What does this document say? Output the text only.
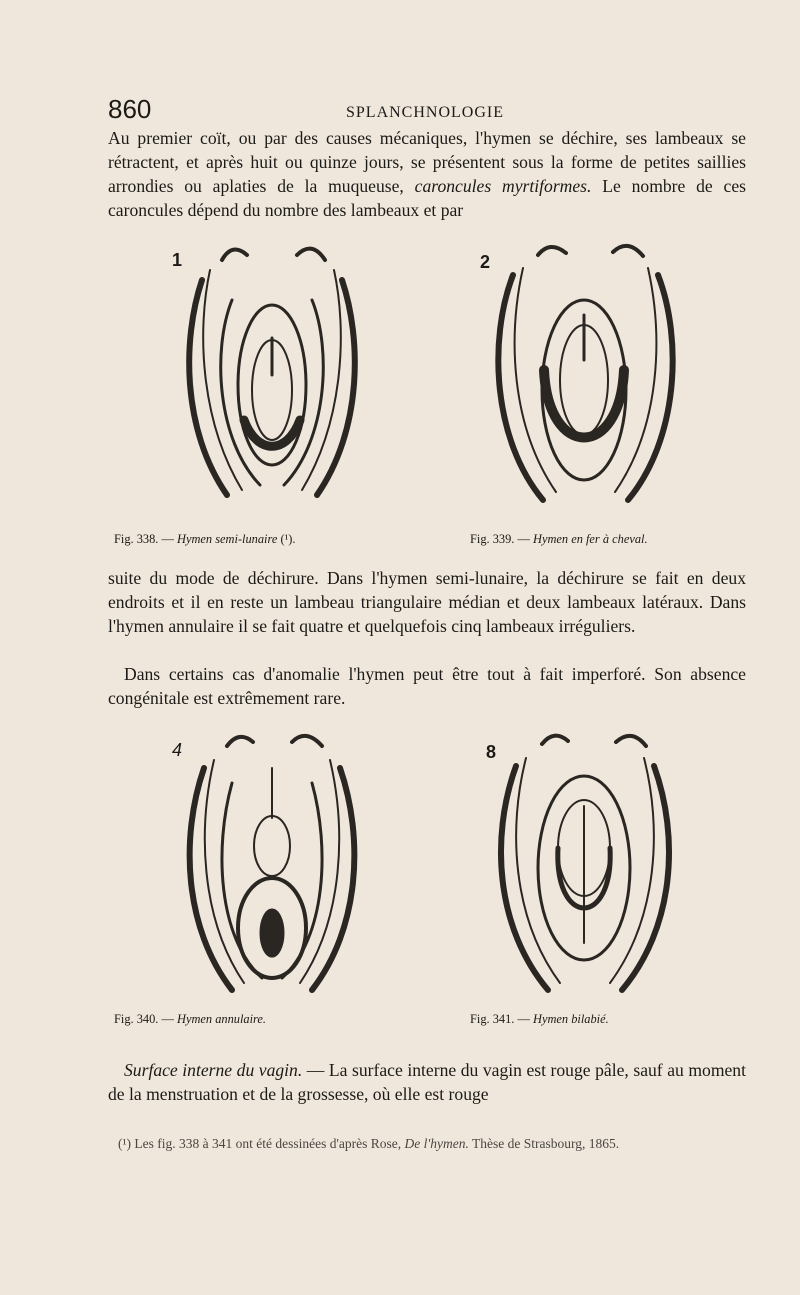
860	SPLANCHNOLOGIE

Au premier coït, ou par des causes mécaniques, l'hymen se déchire, ses lambeaux se rétractent, et après huit ou quinze jours, se présentent sous la forme de petites saillies arrondies ou aplaties de la muqueuse, caroncules myrtiformes. Le nombre de ces caroncules dépend du nombre des lambeaux et par

1
Fig. 338. — Hymen semi-lunaire (¹).
2
Fig. 339. — Hymen en fer à cheval.

suite du mode de déchirure. Dans l'hymen semi-lunaire, la déchirure se fait en deux endroits et il en reste un lambeau triangulaire médian et deux lambeaux latéraux. Dans l'hymen annulaire il se fait quatre et quelquefois cinq lambeaux irréguliers.

Dans certains cas d'anomalie l'hymen peut être tout à fait imperforé. Son absence congénitale est extrêmement rare.

4
Fig. 340. — Hymen annulaire.
8
Fig. 341. — Hymen bilabié.

Surface interne du vagin. — La surface interne du vagin est rouge pâle, sauf au moment de la menstruation et de la grossesse, où elle est rouge

(¹) Les fig. 338 à 341 ont été dessinées d'après Rose, De l'hymen. Thèse de Strasbourg, 1865.
